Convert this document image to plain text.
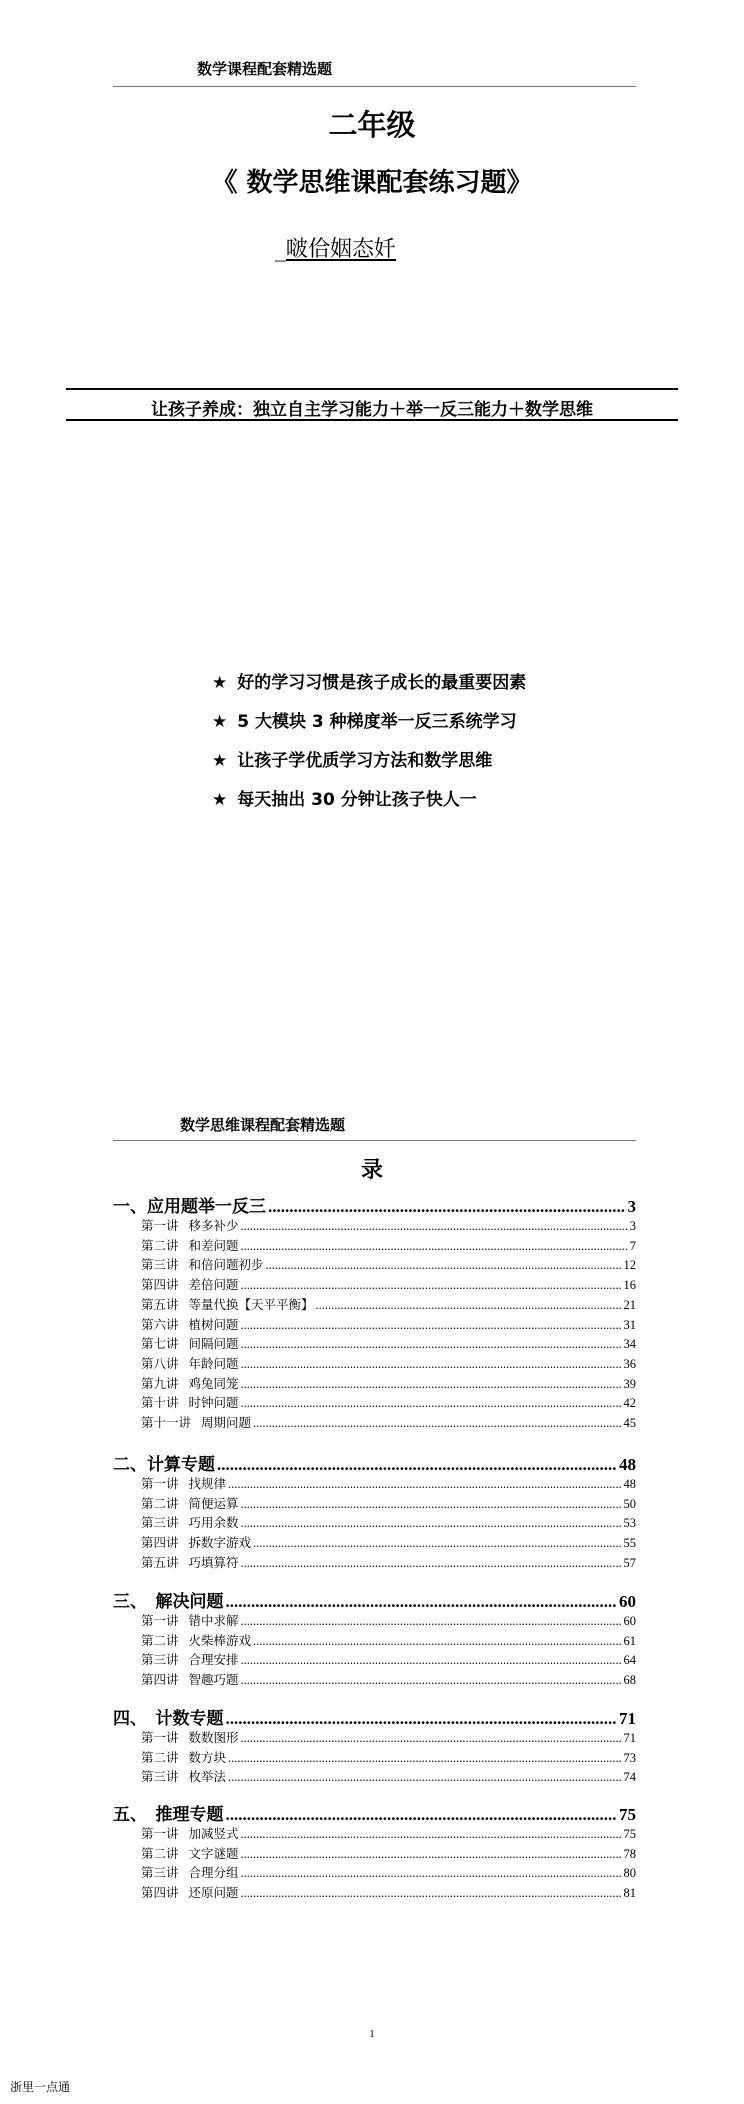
数学课程配套精选题
二年级
《 数学思维课配套练习题》
_啵佮姻态奷
让孩子养成：独立自主学习能力＋举一反三能力＋数学思维
★ 好的学习习惯是孩子成长的最重要因素
★ 5 大模块 3 种梯度举一反三系统学习
★ 让孩子学优质学习方法和数学思维
★ 每天抽出 30 分钟让孩子快人一
数学思维课程配套精选题
录
一、应用题举一反三 .....	3
第一讲 移多补少 .....	3
第二讲 和差问题 .....	7
第三讲 和倍问题初步 .....	12
第四讲 差倍问题 .....	16
第五讲 等量代换【天平平衡】 .....	21
第六讲 植树问题 .....	31
第七讲 间隔问题 .....	34
第八讲 年龄问题 .....	36
第九讲 鸡兔同笼 .....	39
第十讲 时钟问题 .....	42
第十一讲 周期问题 .....	45
二、计算专题 .....	48
第一讲 找规律 .....	48
第二讲 简便运算 .....	50
第三讲 巧用余数 .....	53
第四讲 拆数字游戏 .....	55
第五讲 巧填算符 .....	57
三、　解决问题 .....	60
第一讲 错中求解 .....	60
第二讲 火柴棒游戏 .....	61
第三讲 合理安排 .....	64
第四讲 智趣巧题 .....	68
四、　计数专题 .....	71
第一讲 数数图形 .....	71
第二讲 数方块 .....	73
第三讲 枚举法 .....	74
五、　推理专题 .....	75
第一讲 加减竖式 .....	75
第二讲 文字谜题 .....	78
第三讲 合理分组 .....	80
第四讲 还原问题 .....	81
1
浙里一点通
